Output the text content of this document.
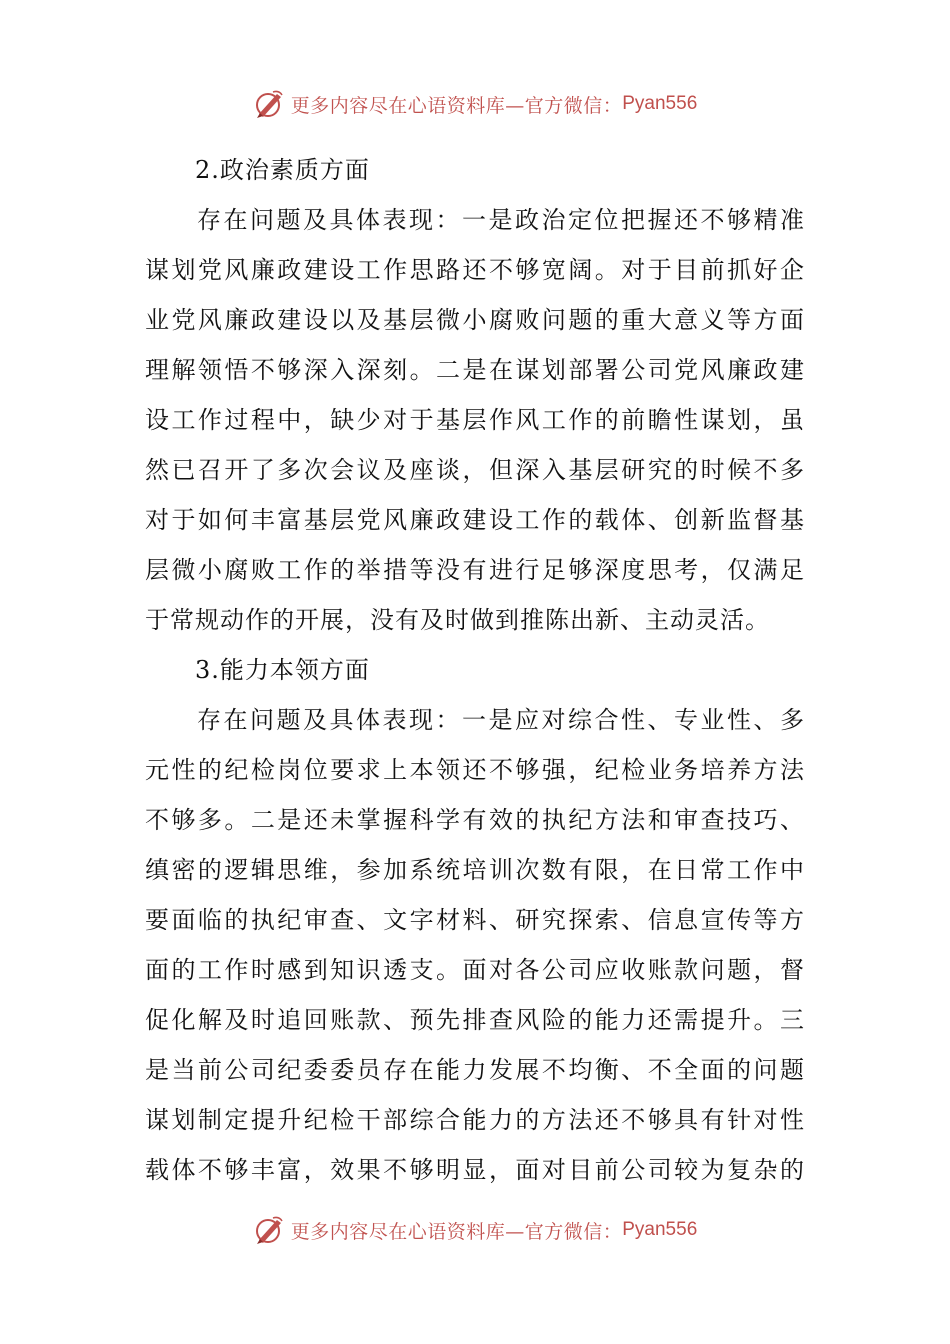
更多内容尽在心语资料库—官方微信： Pyan556
2.政治素质方面
存在问题及具体表现：一是政治定位把握还不够精准
谋划党风廉政建设工作思路还不够宽阔。对于目前抓好企
业党风廉政建设以及基层微小腐败问题的重大意义等方面
理解领悟不够深入深刻。二是在谋划部署公司党风廉政建
设工作过程中，缺少对于基层作风工作的前瞻性谋划，虽
然已召开了多次会议及座谈，但深入基层研究的时候不多
对于如何丰富基层党风廉政建设工作的载体、创新监督基
层微小腐败工作的举措等没有进行足够深度思考，仅满足
于常规动作的开展，没有及时做到推陈出新、主动灵活。
3.能力本领方面
存在问题及具体表现：一是应对综合性、专业性、多
元性的纪检岗位要求上本领还不够强，纪检业务培养方法
不够多。二是还未掌握科学有效的执纪方法和审查技巧、
缜密的逻辑思维，参加系统培训次数有限，在日常工作中
要面临的执纪审查、文字材料、研究探索、信息宣传等方
面的工作时感到知识透支。面对各公司应收账款问题，督
促化解及时追回账款、预先排查风险的能力还需提升。三
是当前公司纪委委员存在能力发展不均衡、不全面的问题
谋划制定提升纪检干部综合能力的方法还不够具有针对性
载体不够丰富，效果不够明显，面对目前公司较为复杂的
更多内容尽在心语资料库—官方微信： Pyan556
